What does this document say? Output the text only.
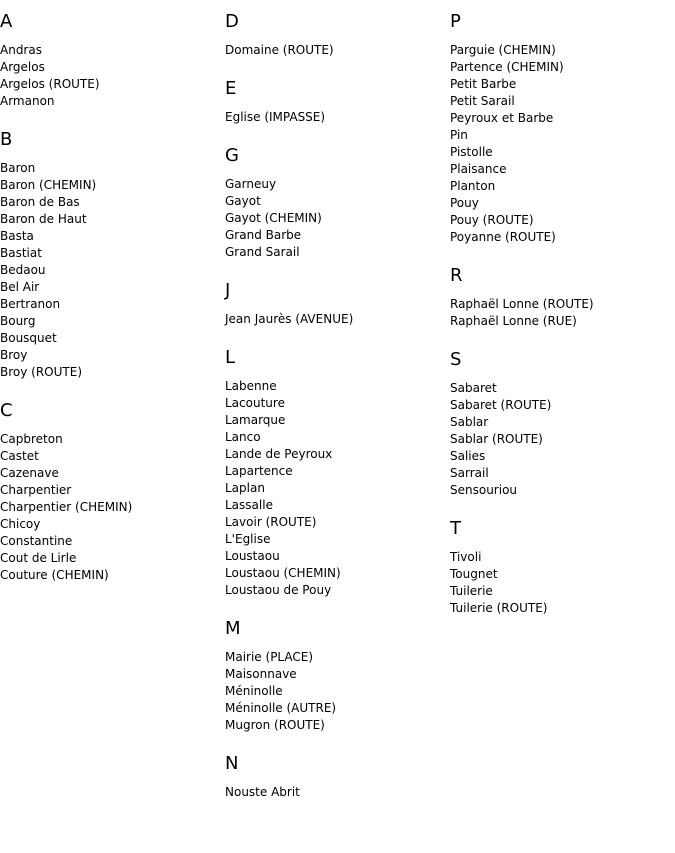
A
Andras
Argelos
Argelos (ROUTE)
Armanon
B
Baron
Baron (CHEMIN)
Baron de Bas
Baron de Haut
Basta
Bastiat
Bedaou
Bel Air
Bertranon
Bourg
Bousquet
Broy
Broy (ROUTE)
C
Capbreton
Castet
Cazenave
Charpentier
Charpentier (CHEMIN)
Chicoy
Constantine
Cout de Lirle
Couture (CHEMIN)
D
Domaine (ROUTE)
E
Eglise (IMPASSE)
G
Garneuy
Gayot
Gayot (CHEMIN)
Grand Barbe
Grand Sarail
J
Jean Jaurès (AVENUE)
L
Labenne
Lacouture
Lamarque
Lanco
Lande de Peyroux
Lapartence
Laplan
Lassalle
Lavoir (ROUTE)
L'Eglise
Loustaou
Loustaou (CHEMIN)
Loustaou de Pouy
M
Mairie (PLACE)
Maisonnave
Méninolle
Méninolle (AUTRE)
Mugron (ROUTE)
N
Nouste Abrit
P
Parguie (CHEMIN)
Partence (CHEMIN)
Petit Barbe
Petit Sarail
Peyroux et Barbe
Pin
Pistolle
Plaisance
Planton
Pouy
Pouy (ROUTE)
Poyanne (ROUTE)
R
Raphaël Lonne (ROUTE)
Raphaël Lonne (RUE)
S
Sabaret
Sabaret (ROUTE)
Sablar
Sablar (ROUTE)
Salies
Sarrail
Sensouriou
T
Tivoli
Tougnet
Tuilerie
Tuilerie (ROUTE)
